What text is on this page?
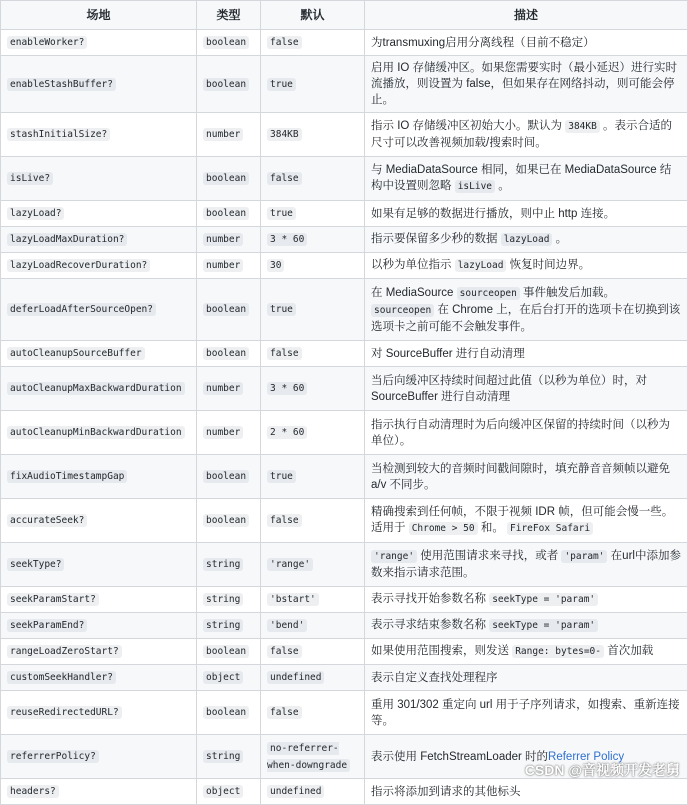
场地	类型	默认	描述
enableWorker?	boolean	false	为transmuxing启用分离线程（目前不稳定）
enableStashBuffer?	boolean	true	启用 IO 存储缓冲区。如果您需要实时（最小延迟）进行实时流播放，则设置为 false，但如果存在网络抖动，则可能会停止。
stashInitialSize?	number	384KB	指示 IO 存储缓冲区初始大小。默认为 384KB 。表示合适的尺寸可以改善视频加载/搜索时间。
isLive?	boolean	false	与 MediaDataSource 相同，如果已在 MediaDataSource 结构中设置则忽略 isLive 。
lazyLoad?	boolean	true	如果有足够的数据进行播放，则中止 http 连接。
lazyLoadMaxDuration?	number	3 * 60	指示要保留多少秒的数据 lazyLoad 。
lazyLoadRecoverDuration?	number	30	以秒为单位指示 lazyLoad 恢复时间边界。
deferLoadAfterSourceOpen?	boolean	true	在 MediaSource sourceopen 事件触发后加载。 sourceopen 在 Chrome 上，在后台打开的选项卡在切换到该选项卡之前可能不会触发事件。
autoCleanupSourceBuffer	boolean	false	对 SourceBuffer 进行自动清理
autoCleanupMaxBackwardDuration	number	3 * 60	当后向缓冲区持续时间超过此值（以秒为单位）时，对 SourceBuffer 进行自动清理
autoCleanupMinBackwardDuration	number	2 * 60	指示执行自动清理时为后向缓冲区保留的持续时间（以秒为单位）。
fixAudioTimestampGap	boolean	true	当检测到较大的音频时间戳间隙时，填充静音音频帧以避免 a/v 不同步。
accurateSeek?	boolean	false	精确搜索到任何帧，不限于视频 IDR 帧，但可能会慢一些。适用于 Chrome > 50 和。 FireFox Safari
seekType?	string	'range'	'range' 使用范围请求来寻找，或者 'param' 在url中添加参数来指示请求范围。
seekParamStart?	string	'bstart'	表示寻找开始参数名称 seekType = 'param'
seekParamEnd?	string	'bend'	表示寻求结束参数名称 seekType = 'param'
rangeLoadZeroStart?	boolean	false	如果使用范围搜索，则发送 Range: bytes=0- 首次加载
customSeekHandler?	object	undefined	表示自定义查找处理程序
reuseRedirectedURL?	boolean	false	重用 301/302 重定向 url 用于子序列请求，如搜索、重新连接等。
referrerPolicy?	string	no-referrer-when-downgrade	表示使用 FetchStreamLoader 时的Referrer Policy
headers?	object	undefined	指示将添加到请求的其他标头
CSDN @音视频开发老舅
